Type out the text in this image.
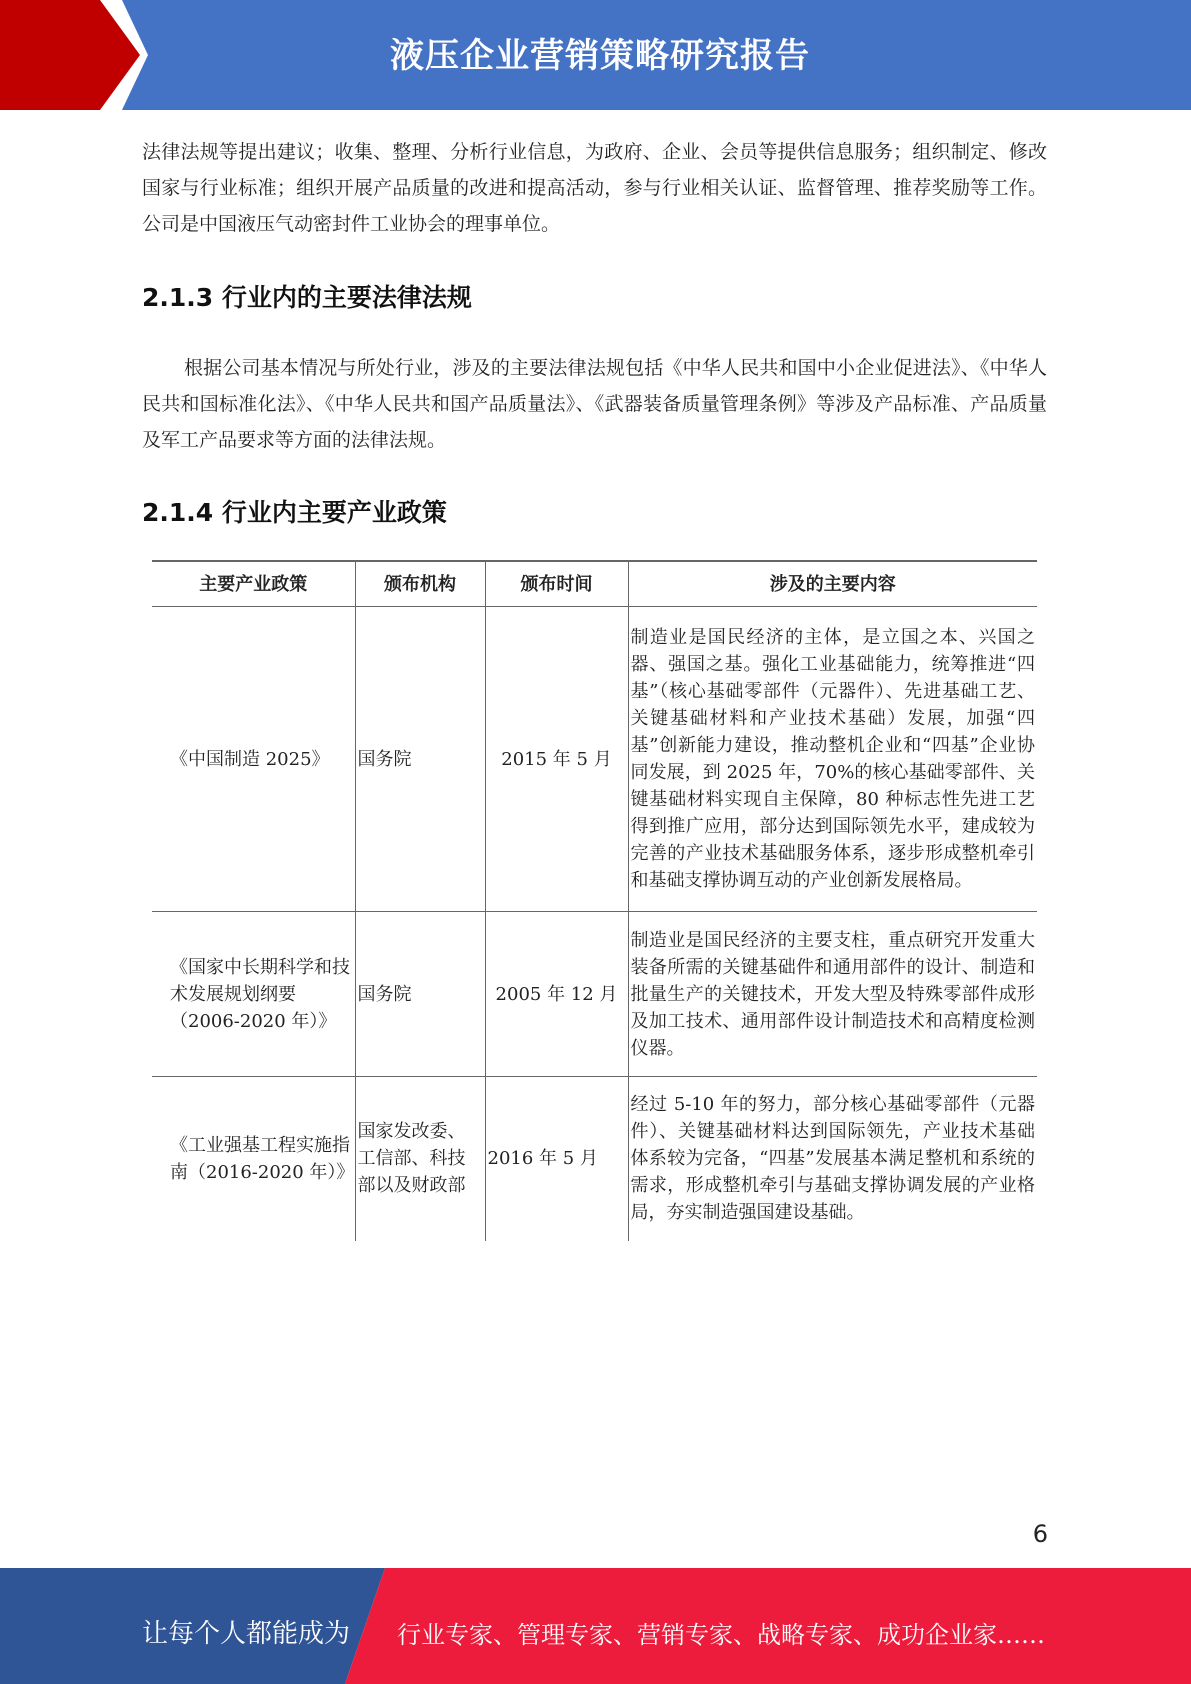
液压企业营销策略研究报告

法律法规等提出建议；收集、整理、分析行业信息，为政府、企业、会员等提供信息服务；组织制定、修改国家与行业标准；组织开展产品质量的改进和提高活动，参与行业相关认证、监督管理、推荐奖励等工作。公司是中国液压气动密封件工业协会的理事单位。

2.1.3 行业内的主要法律法规

根据公司基本情况与所处行业，涉及的主要法律法规包括《中华人民共和国中小企业促进法》、《中华人民共和国标准化法》、《中华人民共和国产品质量法》、《武器装备质量管理条例》等涉及产品标准、产品质量及军工产品要求等方面的法律法规。

2.1.4 行业内主要产业政策
主要产业政策	颁布机构	颁布时间	涉及的主要内容
《中国制造 2025》	国务院	2015 年 5 月	制造业是国民经济的主体，是立国之本、兴国之器、强国之基。强化工业基础能力，统筹推进“四基”（核心基础零部件（元器件）、先进基础工艺、关键基础材料和产业技术基础）发展，加强“四基”创新能力建设，推动整机企业和“四基”企业协同发展，到 2025 年，70%的核心基础零部件、关键基础材料实现自主保障，80 种标志性先进工艺得到推广应用，部分达到国际领先水平，建成较为完善的产业技术基础服务体系，逐步形成整机牵引和基础支撑协调互动的产业创新发展格局。
《国家中长期科学和技术发展规划纲要（2006-2020 年）》	国务院	2005 年 12 月	制造业是国民经济的主要支柱，重点研究开发重大装备所需的关键基础件和通用部件的设计、制造和批量生产的关键技术，开发大型及特殊零部件成形及加工技术、通用部件设计制造技术和高精度检测仪器。
《工业强基工程实施指南（2016-2020 年）》	国家发改委、工信部、科技部以及财政部	2016 年 5 月	经过 5-10 年的努力，部分核心基础零部件（元器件）、关键基础材料达到国际领先，产业技术基础体系较为完备，“四基”发展基本满足整机和系统的需求，形成整机牵引与基础支撑协调发展的产业格局，夯实制造强国建设基础。
6
让每个人都能成为 行业专家、管理专家、营销专家、战略专家、成功企业家……
